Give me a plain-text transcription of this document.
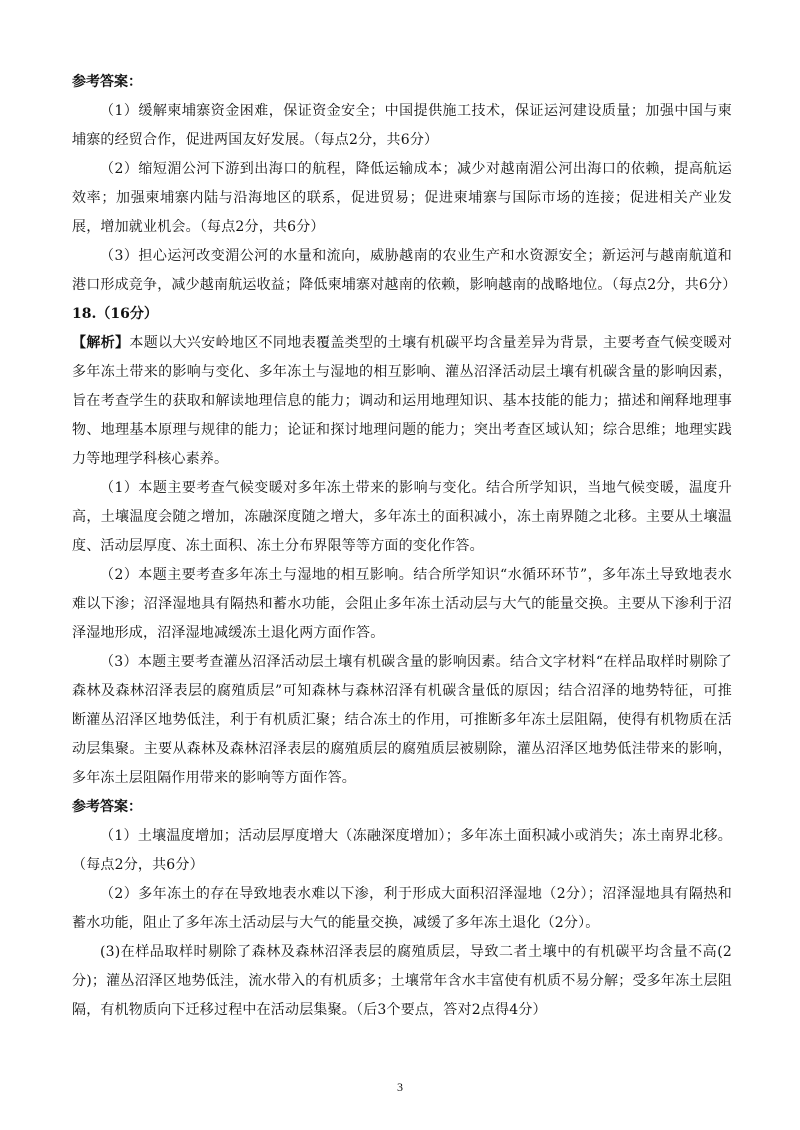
参考答案：

（1）缓解柬埔寨资金困难，保证资金安全；中国提供施工技术，保证运河建设质量；加强中国与柬埔寨的经贸合作，促进两国友好发展。（每点2分，共6分）

（2）缩短湄公河下游到出海口的航程，降低运输成本；减少对越南湄公河出海口的依赖，提高航运效率；加强柬埔寨内陆与沿海地区的联系，促进贸易；促进柬埔寨与国际市场的连接；促进相关产业发展，增加就业机会。（每点2分，共6分）

（3）担心运河改变湄公河的水量和流向，威胁越南的农业生产和水资源安全；新运河与越南航道和港口形成竞争，减少越南航运收益；降低柬埔寨对越南的依赖，影响越南的战略地位。（每点2分，共6分）

18.（16分）

【解析】本题以大兴安岭地区不同地表覆盖类型的土壤有机碳平均含量差异为背景，主要考查气候变暖对多年冻土带来的影响与变化、多年冻土与湿地的相互影响、灌丛沼泽活动层土壤有机碳含量的影响因素，旨在考查学生的获取和解读地理信息的能力；调动和运用地理知识、基本技能的能力；描述和阐释地理事物、地理基本原理与规律的能力；论证和探讨地理问题的能力；突出考查区域认知；综合思维；地理实践力等地理学科核心素养。

（1）本题主要考查气候变暖对多年冻土带来的影响与变化。结合所学知识，当地气候变暖，温度升高，土壤温度会随之增加，冻融深度随之增大，多年冻土的面积减小，冻土南界随之北移。主要从土壤温度、活动层厚度、冻土面积、冻土分布界限等等方面的变化作答。

（2）本题主要考查多年冻土与湿地的相互影响。结合所学知识“水循环环节”，多年冻土导致地表水难以下渗；沼泽湿地具有隔热和蓄水功能，会阻止多年冻土活动层与大气的能量交换。主要从下渗利于沼泽湿地形成，沼泽湿地减缓冻土退化两方面作答。

（3）本题主要考查灌丛沼泽活动层土壤有机碳含量的影响因素。结合文字材料“在样品取样时剔除了森林及森林沼泽表层的腐殖质层”可知森林与森林沼泽有机碳含量低的原因；结合沼泽的地势特征，可推断灌丛沼泽区地势低洼，利于有机质汇聚；结合冻土的作用，可推断多年冻土层阻隔，使得有机物质在活动层集聚。主要从森林及森林沼泽表层的腐殖质层的腐殖质层被剔除，灌丛沼泽区地势低洼带来的影响，多年冻土层阻隔作用带来的影响等方面作答。

参考答案：

（1）土壤温度增加；活动层厚度增大（冻融深度增加）；多年冻土面积减小或消失；冻土南界北移。（每点2分，共6分）

（2）多年冻土的存在导致地表水难以下渗，利于形成大面积沼泽湿地（2分）；沼泽湿地具有隔热和蓄水功能，阻止了多年冻土活动层与大气的能量交换，减缓了多年冻土退化（2分）。

(3)在样品取样时剔除了森林及森林沼泽表层的腐殖质层，导致二者土壤中的有机碳平均含量不高(2分)；灌丛沼泽区地势低洼，流水带入的有机质多；土壤常年含水丰富使有机质不易分解；受多年冻土层阻隔，有机物质向下迁移过程中在活动层集聚。（后3个要点，答对2点得4分）

3
